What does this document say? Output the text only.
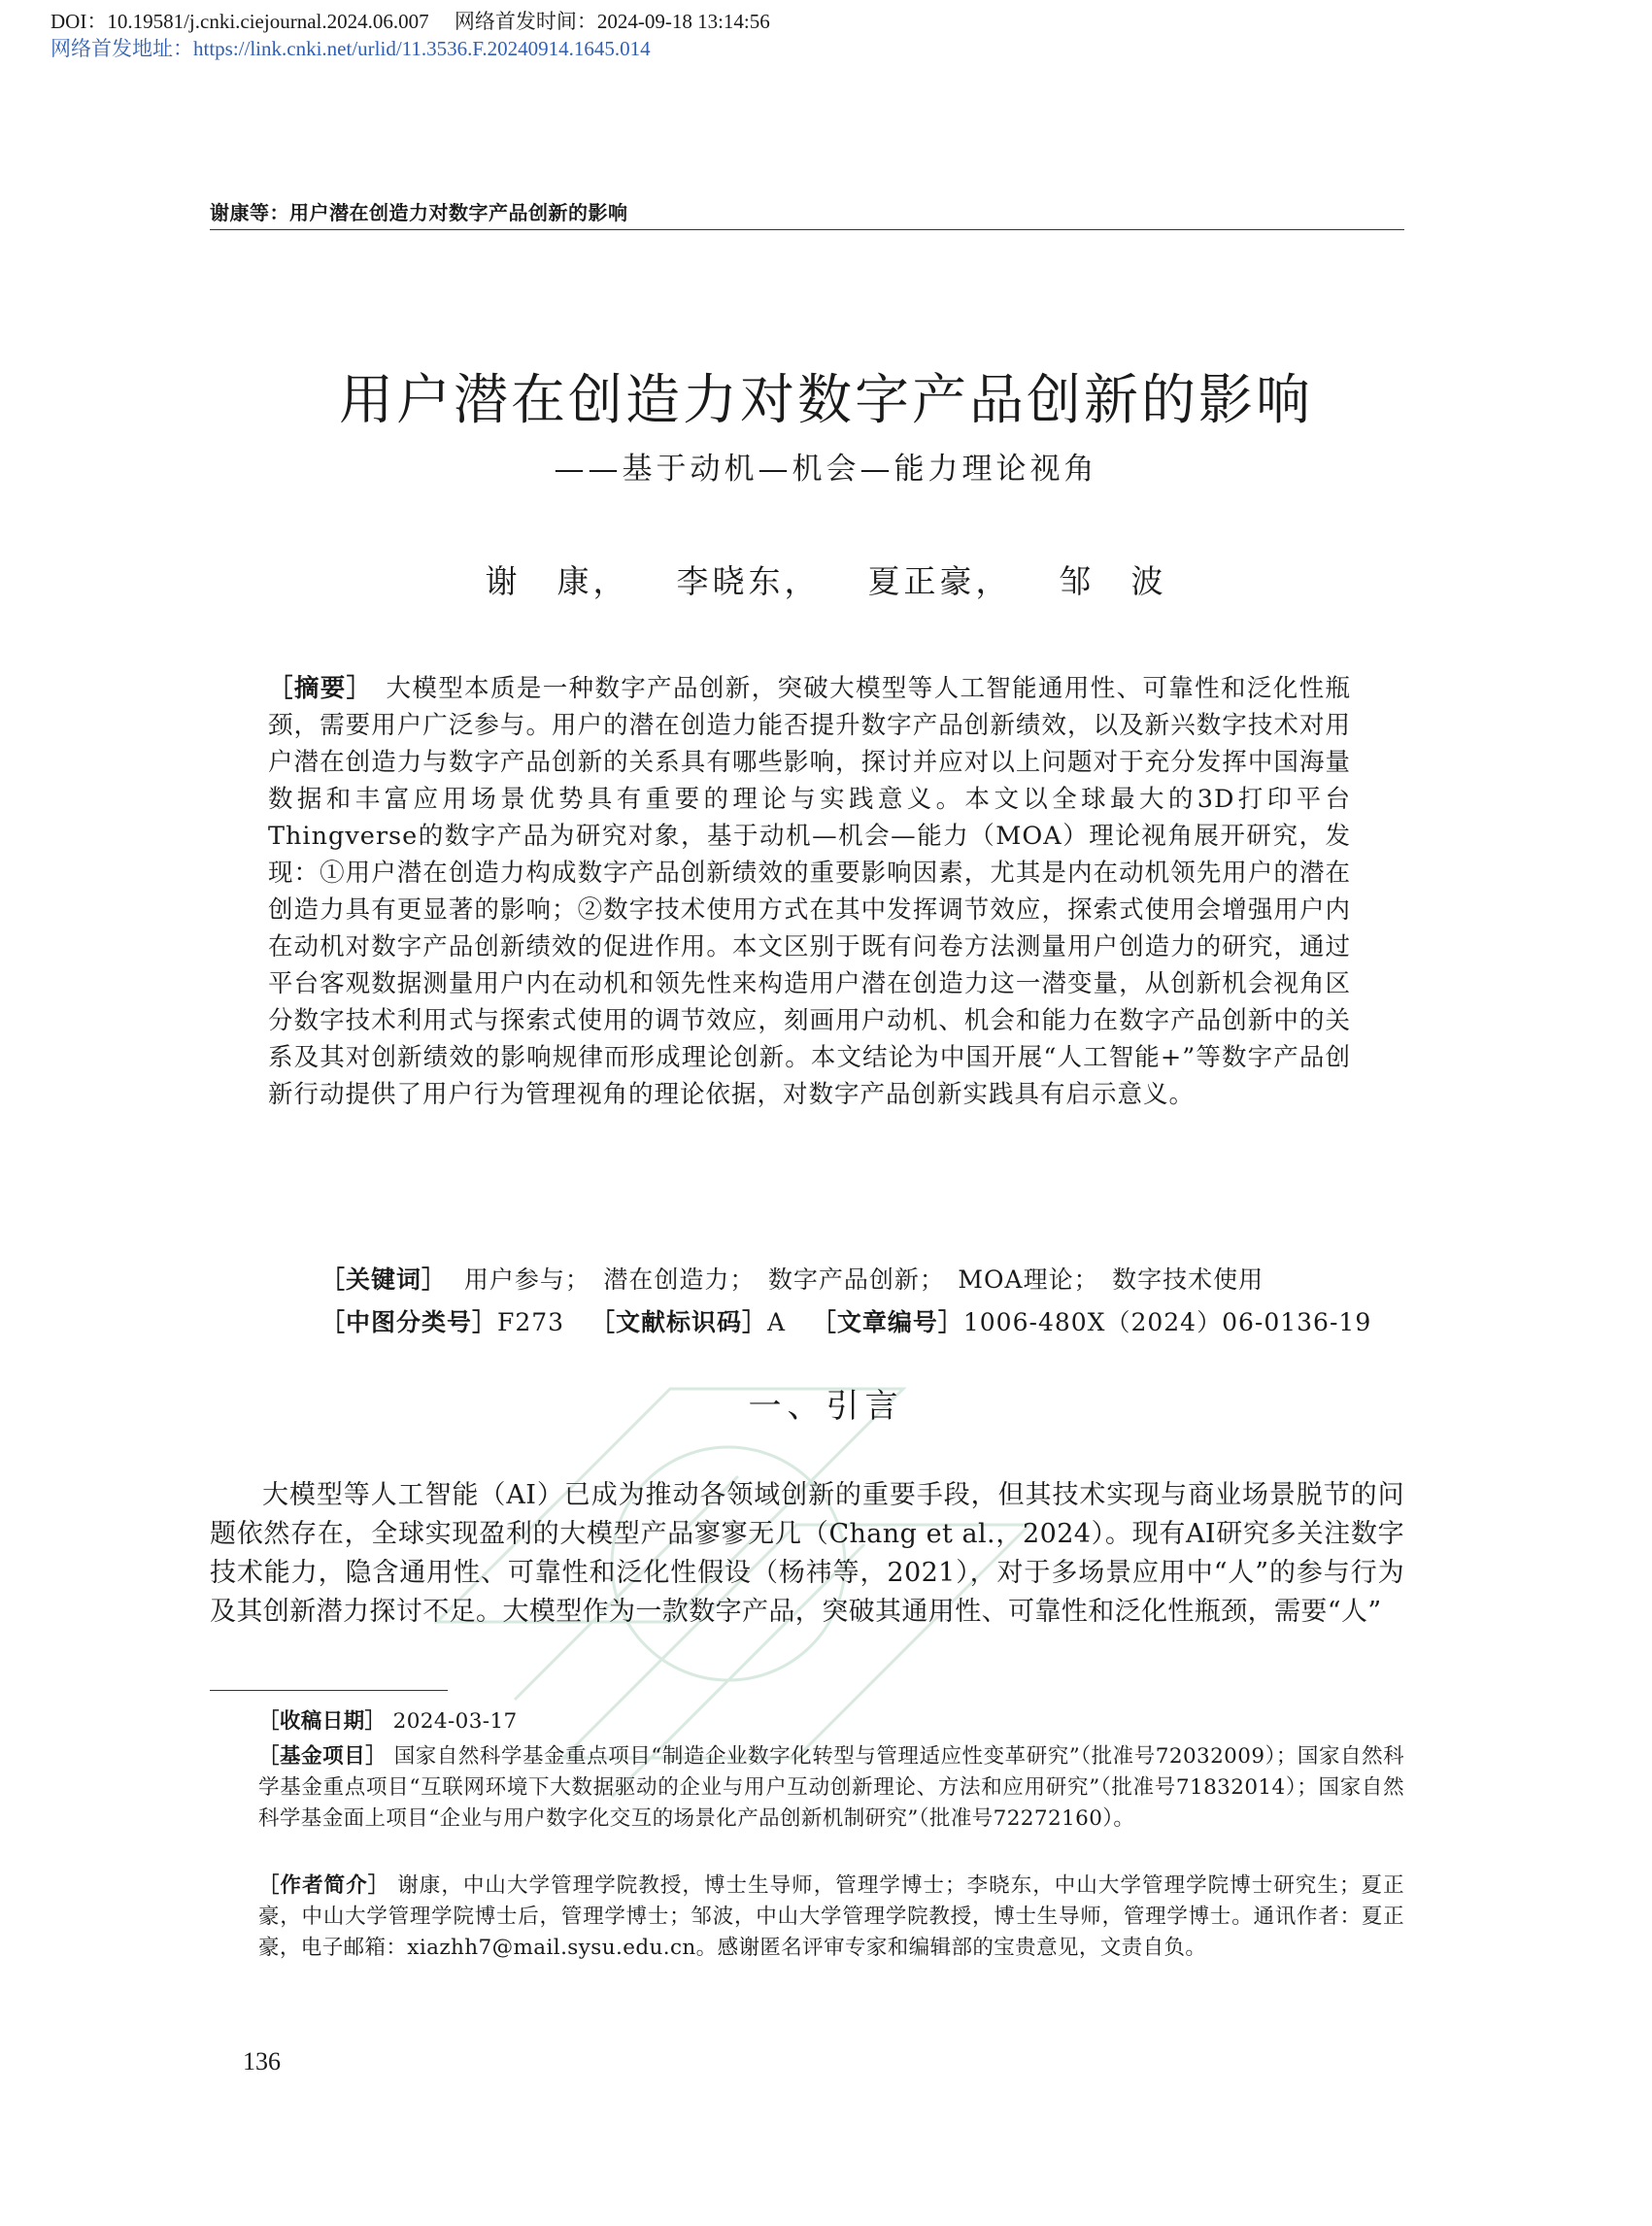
DOI：10.19581/j.cnki.ciejournal.2024.06.007　 网络首发时间：2024-09-18 13:14:56
网络首发地址：https://link.cnki.net/urlid/11.3536.F.20240914.1645.014
谢康等：用户潜在创造力对数字产品创新的影响
用户潜在创造力对数字产品创新的影响
——基于动机—机会—能力理论视角
谢　康，  李晓东，  夏正豪，  邹　波
［摘要］　 大模型本质是一种数字产品创新，突破大模型等人工智能通用性、可靠性和泛化性瓶颈，需要用户广泛参与。用户的潜在创造力能否提升数字产品创新绩效，以及新兴数字技术对用户潜在创造力与数字产品创新的关系具有哪些影响，探讨并应对以上问题对于充分发挥中国海量数据和丰富应用场景优势具有重要的理论与实践意义。本文以全球最大的3D打印平台Thingverse的数字产品为研究对象，基于动机—机会—能力（MOA）理论视角展开研究，发现：①用户潜在创造力构成数字产品创新绩效的重要影响因素，尤其是内在动机领先用户的潜在创造力具有更显著的影响；②数字技术使用方式在其中发挥调节效应，探索式使用会增强用户内在动机对数字产品创新绩效的促进作用。本文区别于既有问卷方法测量用户创造力的研究，通过平台客观数据测量用户内在动机和领先性来构造用户潜在创造力这一潜变量，从创新机会视角区分数字技术利用式与探索式使用的调节效应，刻画用户动机、机会和能力在数字产品创新中的关系及其对创新绩效的影响规律而形成理论创新。本文结论为中国开展“人工智能+”等数字产品创新行动提供了用户行为管理视角的理论依据，对数字产品创新实践具有启示意义。
［关键词］ 用户参与；　潜在创造力；　数字产品创新；　MOA理论；　数字技术使用
［中图分类号］F273 ［文献标识码］A ［文章编号］1006-480X（2024）06-0136-19
一、引言
大模型等人工智能（AI）已成为推动各领域创新的重要手段，但其技术实现与商业场景脱节的问题依然存在，全球实现盈利的大模型产品寥寥无几（Chang et al.，2024）。现有AI研究多关注数字技术能力，隐含通用性、可靠性和泛化性假设（杨祎等，2021），对于多场景应用中“人”的参与行为及其创新潜力探讨不足。大模型作为一款数字产品，突破其通用性、可靠性和泛化性瓶颈，需要“人”
［收稿日期］ 2024-03-17
［基金项目］ 国家自然科学基金重点项目“制造企业数字化转型与管理适应性变革研究”（批准号72032009）；国家自然科学基金重点项目“互联网环境下大数据驱动的企业与用户互动创新理论、方法和应用研究”（批准号71832014）；国家自然科学基金面上项目“企业与用户数字化交互的场景化产品创新机制研究”（批准号72272160）。
［作者简介］ 谢康，中山大学管理学院教授，博士生导师，管理学博士；李晓东，中山大学管理学院博士研究生；夏正豪，中山大学管理学院博士后，管理学博士；邹波，中山大学管理学院教授，博士生导师，管理学博士。通讯作者：夏正豪，电子邮箱：xiazhh7@mail.sysu.edu.cn。感谢匿名评审专家和编辑部的宝贵意见，文责自负。
136
